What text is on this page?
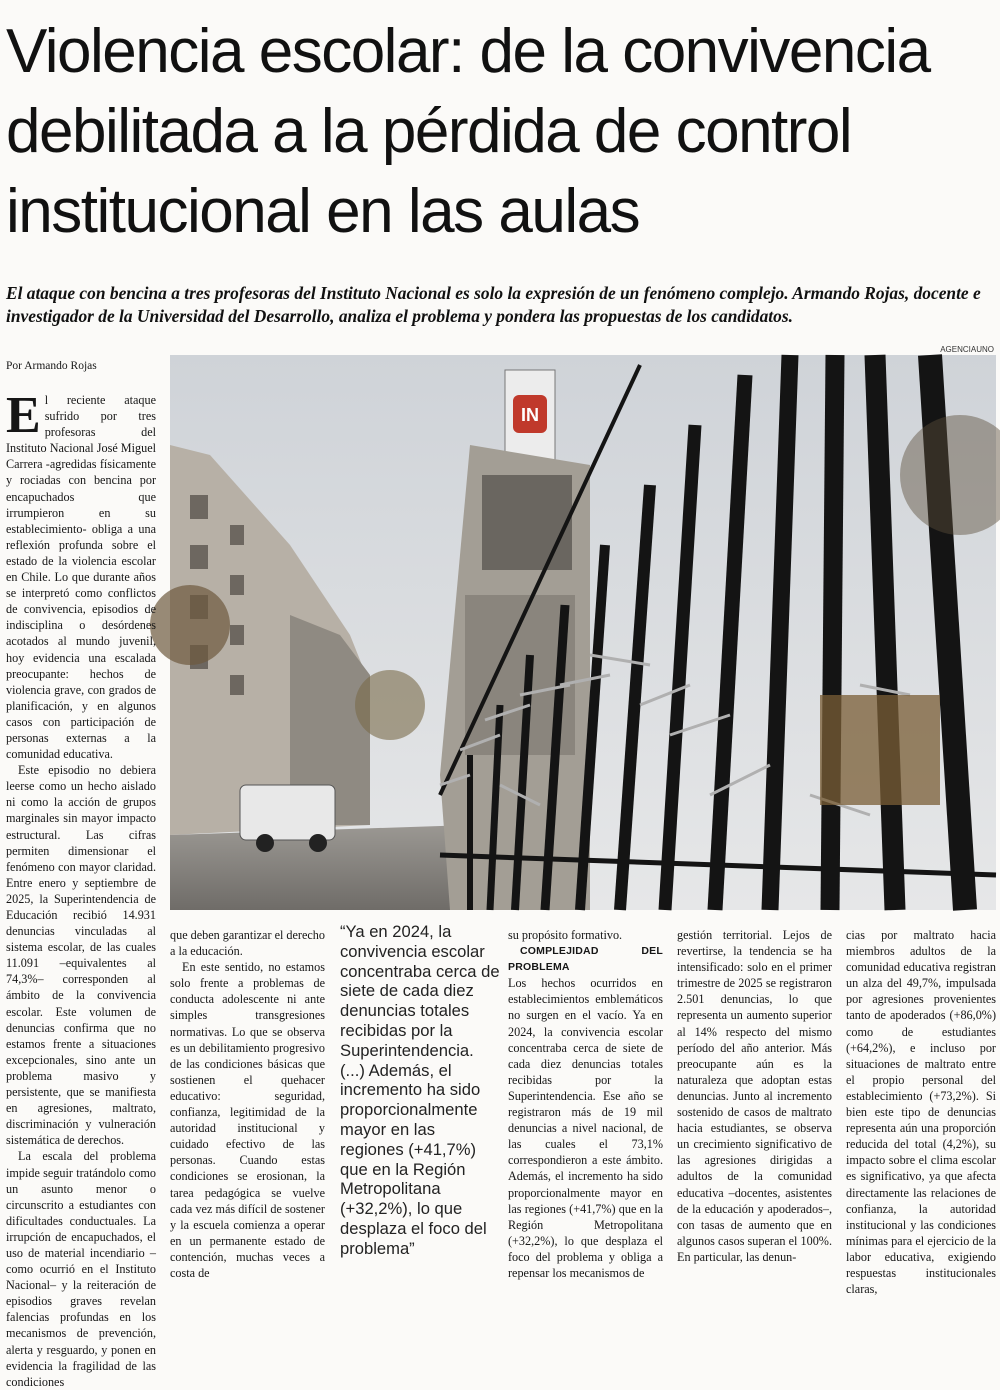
Violencia escolar: de la convivencia debilitada a la pérdida de control institucional en las aulas

El ataque con bencina a tres profesoras del Instituto Nacional es solo la expresión de un fenómeno complejo. Armando Rojas, docente e investigador de la Universidad del Desarrollo, analiza el problema y pondera las propuestas de los candidatos.

Por Armando Rojas
AGENCIAUNO
IN

El reciente ataque sufrido por tres profesoras del Instituto Nacional José Miguel Carrera -agredidas físicamente y rociadas con bencina por encapuchados que irrumpieron en su establecimiento- obliga a una reflexión profunda sobre el estado de la violencia escolar en Chile. Lo que durante años se interpretó como conflictos de convivencia, episodios de indisciplina o desórdenes acotados al mundo juvenil, hoy evidencia una escalada preocupante: hechos de violencia grave, con grados de planificación, y en algunos casos con participación de personas externas a la comunidad educativa.

Este episodio no debiera leerse como un hecho aislado ni como la acción de grupos marginales sin mayor impacto estructural. Las cifras permiten dimensionar el fenómeno con mayor claridad. Entre enero y septiembre de 2025, la Superintendencia de Educación recibió 14.931 denuncias vinculadas al sistema escolar, de las cuales 11.091 –equivalentes al 74,3%– corresponden al ámbito de la convivencia escolar. Este volumen de denuncias confirma que no estamos frente a situaciones excepcionales, sino ante un problema masivo y persistente, que se manifiesta en agresiones, maltrato, discriminación y vulneración sistemática de derechos.

La escala del problema impide seguir tratándolo como un asunto menor o circunscrito a estudiantes con dificultades conductuales. La irrupción de encapuchados, el uso de material incendiario –como ocurrió en el Instituto Nacional– y la reiteración de episodios graves revelan falencias profundas en los mecanismos de prevención, alerta y resguardo, y ponen en evidencia la fragilidad de las condiciones

que deben garantizar el derecho a la educación.

En este sentido, no estamos solo frente a problemas de conducta adolescente ni ante simples transgresiones normativas. Lo que se observa es un debilitamiento progresivo de las condiciones básicas que sostienen el quehacer educativo: seguridad, confianza, legitimidad de la autoridad institucional y cuidado efectivo de las personas. Cuando estas condiciones se erosionan, la tarea pedagógica se vuelve cada vez más difícil de sostener y la escuela comienza a operar en un permanente estado de contención, muchas veces a costa de

“Ya en 2024, la convivencia escolar concentraba cerca de siete de cada diez denuncias totales recibidas por la Superintendencia. (...) Además, el incremento ha sido proporcionalmente mayor en las regiones (+41,7%) que en la Región Metropolitana (+32,2%), lo que desplaza el foco del problema”

su propósito formativo.

COMPLEJIDAD DEL PROBLEMA

Los hechos ocurridos en establecimientos emblemáticos no surgen en el vacío. Ya en 2024, la convivencia escolar concentraba cerca de siete de cada diez denuncias totales recibidas por la Superintendencia. Ese año se registraron más de 19 mil denuncias a nivel nacional, de las cuales el 73,1% correspondieron a este ámbito. Además, el incremento ha sido proporcionalmente mayor en las regiones (+41,7%) que en la Región Metropolitana (+32,2%), lo que desplaza el foco del problema y obliga a repensar los mecanismos de

gestión territorial. Lejos de revertirse, la tendencia se ha intensificado: solo en el primer trimestre de 2025 se registraron 2.501 denuncias, lo que representa un aumento superior al 14% respecto del mismo período del año anterior. Más preocupante aún es la naturaleza que adoptan estas denuncias. Junto al incremento sostenido de casos de maltrato hacia estudiantes, se observa un crecimiento significativo de las agresiones dirigidas a adultos de la comunidad educativa –docentes, asistentes de la educación y apoderados–, con tasas de aumento que en algunos casos superan el 100%. En particular, las denun-

cias por maltrato hacia miembros adultos de la comunidad educativa registran un alza del 49,7%, impulsada por agresiones provenientes tanto de apoderados (+86,0%) como de estudiantes (+64,2%), e incluso por situaciones de maltrato entre el propio personal del establecimiento (+73,2%). Si bien este tipo de denuncias representa aún una proporción reducida del total (4,2%), su impacto sobre el clima escolar es significativo, ya que afecta directamente las relaciones de confianza, la autoridad institucional y las condiciones mínimas para el ejercicio de la labor educativa, exigiendo respuestas institucionales claras,
